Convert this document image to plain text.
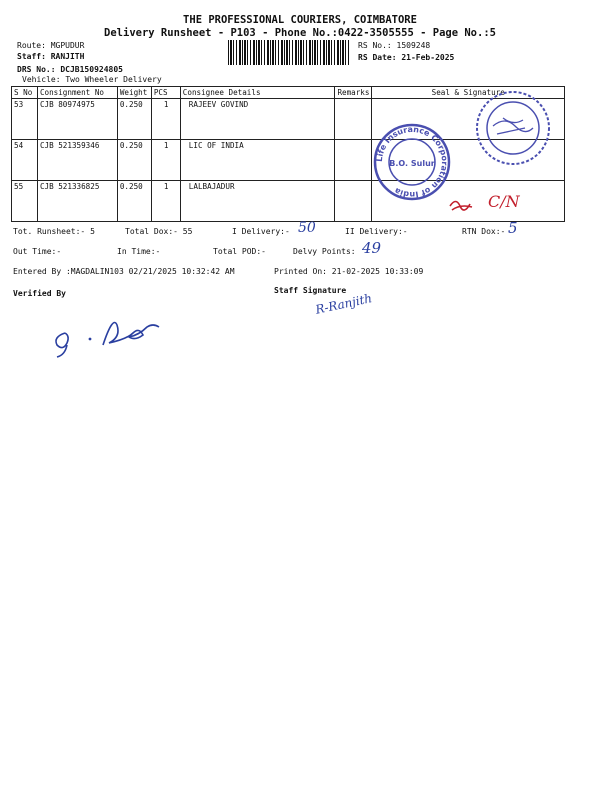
THE PROFESSIONAL COURIERS, COIMBATORE
Delivery Runsheet - P103 - Phone No.:0422-3505555 - Page No.:5
Route: MGPUDUR
Staff: RANJITH
DRS No.: DCJB150924805
Vehicle: Two Wheeler Delivery
RS No.: 1509248
RS Date: 21-Feb-2025
S No	Consignment No	Weight	PCS	Consignee Details	Remarks	Seal & Signature
53	CJB 80974975	0.250	1	RAJEEV GOVIND		
54	CJB 521359346	0.250	1	LIC OF INDIA		
55	CJB 521336825	0.250	1	LALBAJADUR		
Life Insurance Corporation of India
B.O. Sulur
C/N
Tot. Runsheet:- 5	Total Dox:- 55	I Delivery:- 50	II Delivery:-	RTN Dox:- 5
Out Time:-	In Time:-	Total POD:-	Delvy Points: 49
Entered By :MAGDALIN103 02/21/2025 10:32:42 AM	Printed On: 21-02-2025 10:33:09
Verified By	Staff Signature
R-Ranjith
